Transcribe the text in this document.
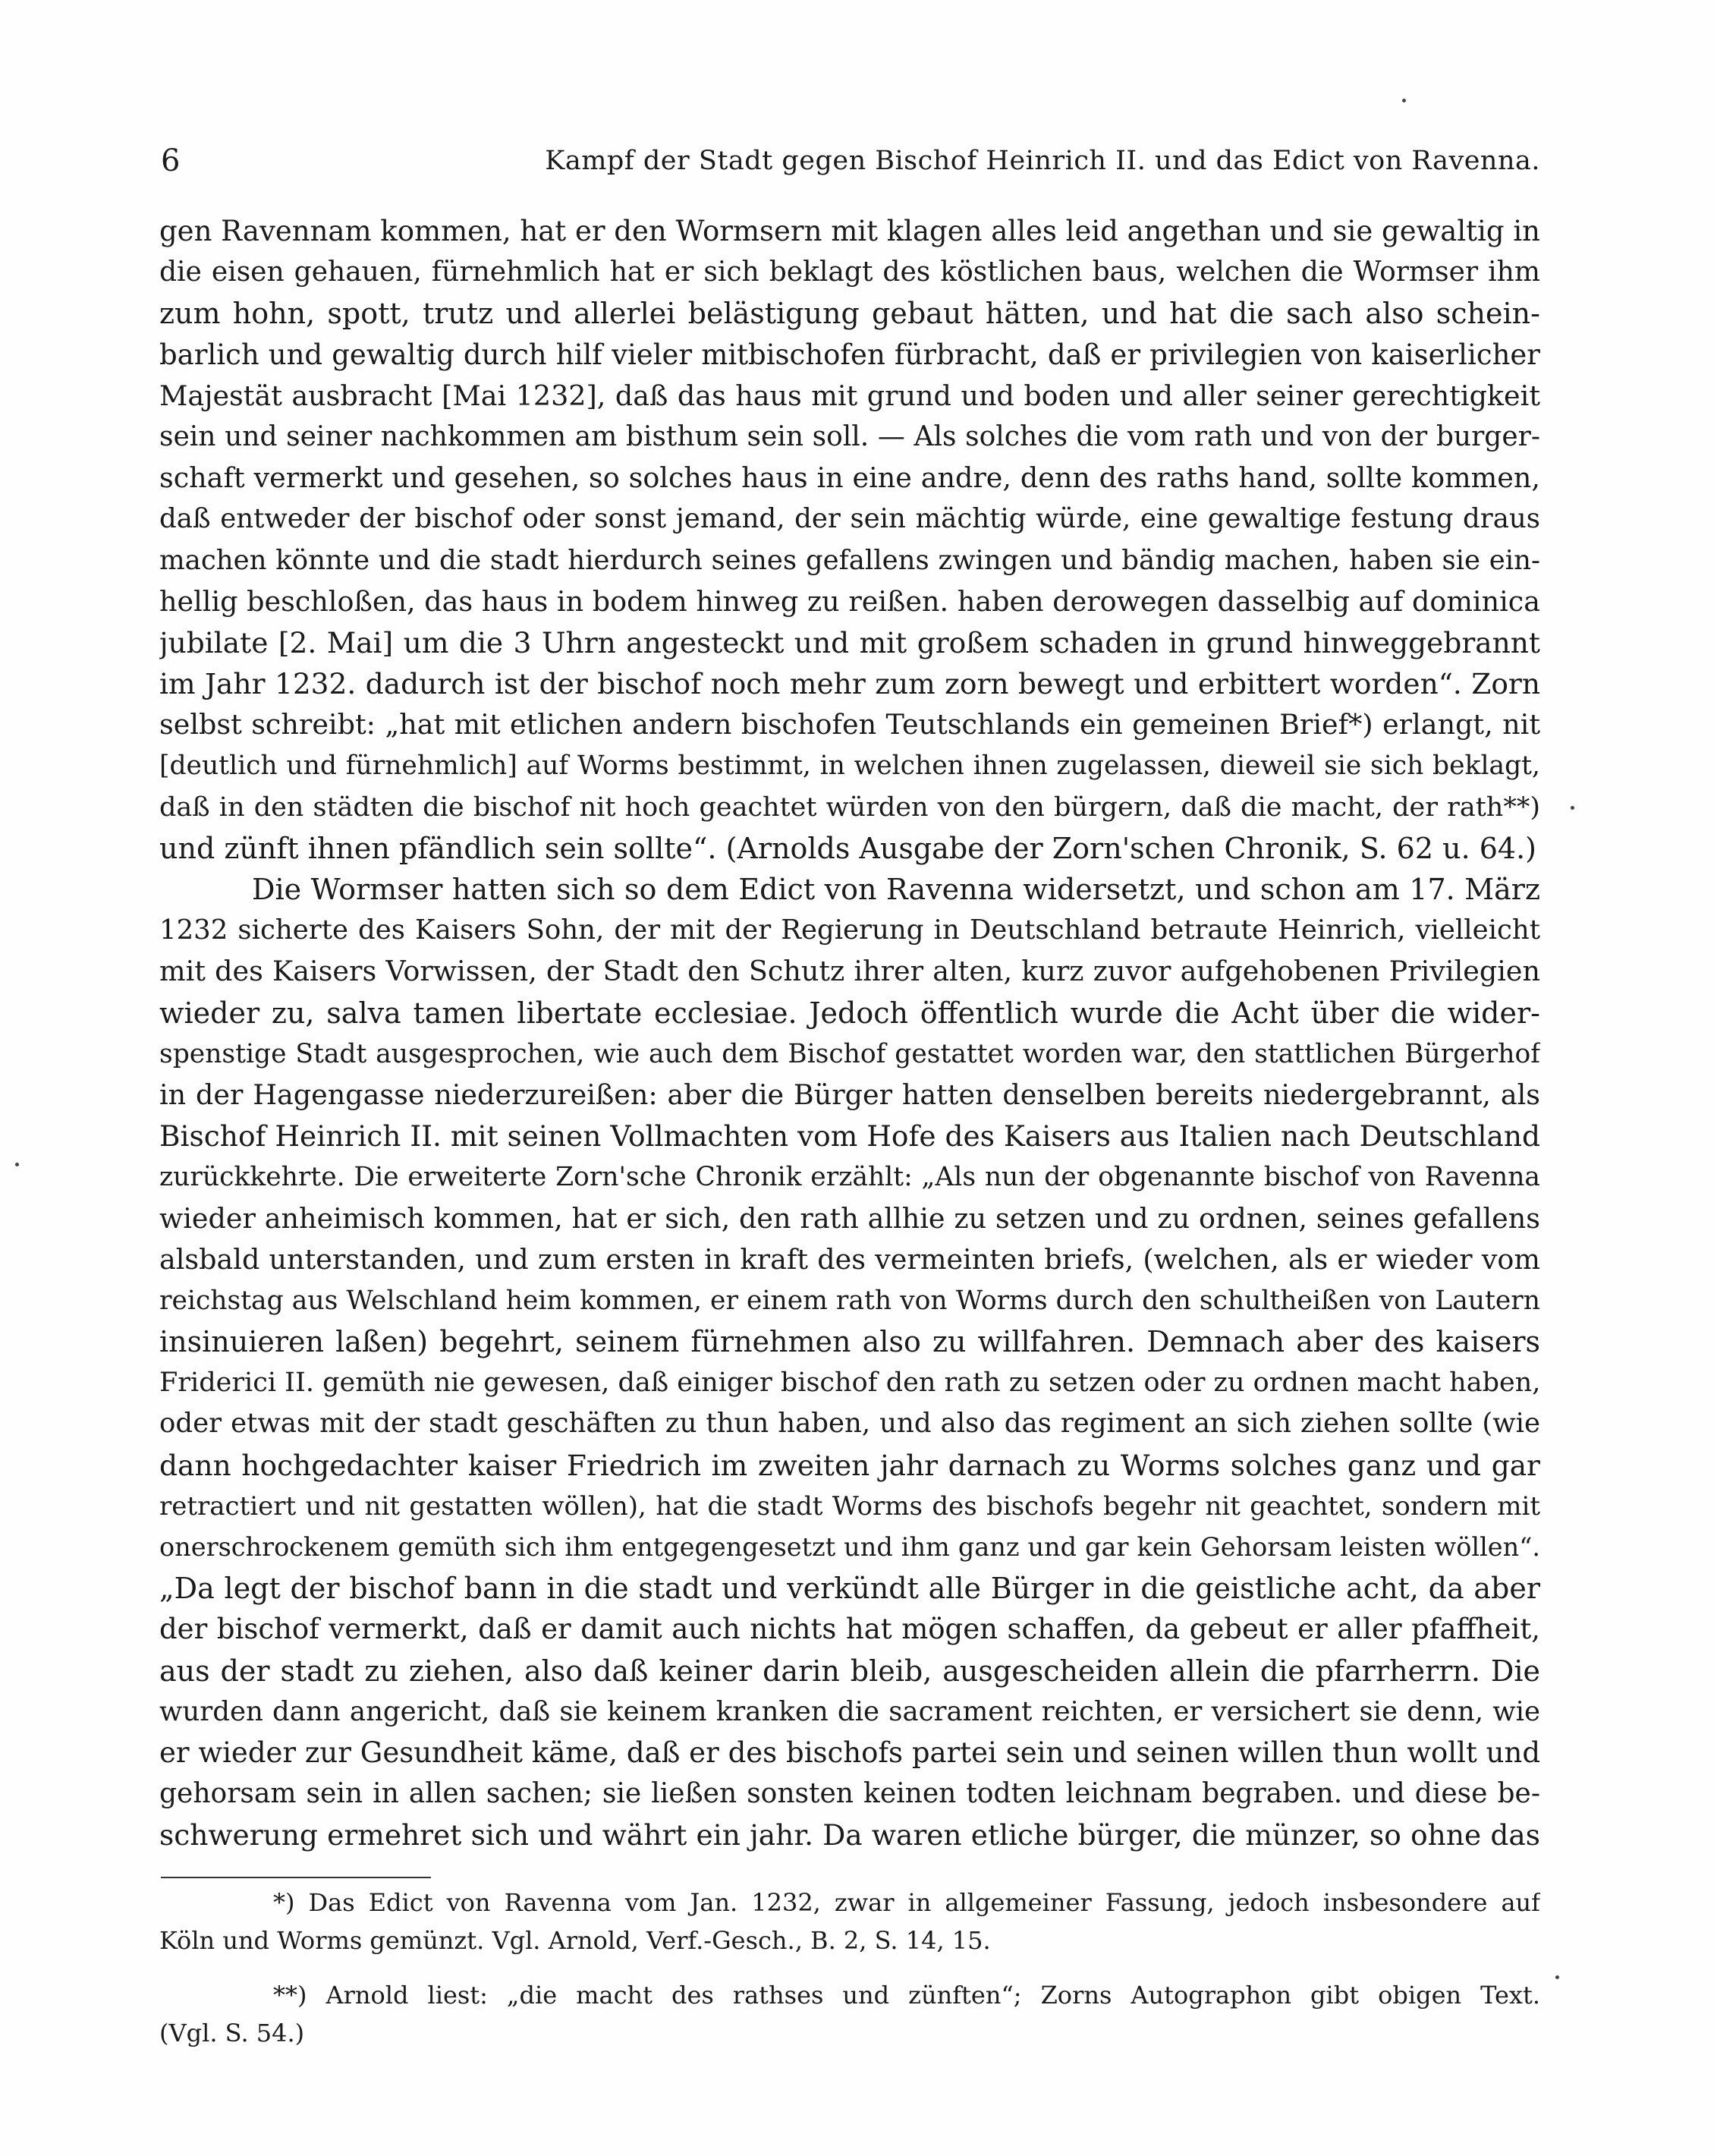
6	Kampf der Stadt gegen Bischof Heinrich II. und das Edict von Ravenna.
gen Ravennam kommen, hat er den Wormsern mit klagen alles leid angethan und sie gewaltig in
die eisen gehauen, fürnehmlich hat er sich beklagt des köstlichen baus, welchen die Wormser ihm
zum hohn, spott, trutz und allerlei belästigung gebaut hätten, und hat die sach also schein-
barlich und gewaltig durch hilf vieler mitbischofen fürbracht, daß er privilegien von kaiserlicher
Majestät ausbracht [Mai 1232], daß das haus mit grund und boden und aller seiner gerechtigkeit
sein und seiner nachkommen am bisthum sein soll. — Als solches die vom rath und von der burger-
schaft vermerkt und gesehen, so solches haus in eine andre, denn des raths hand, sollte kommen,
daß entweder der bischof oder sonst jemand, der sein mächtig würde, eine gewaltige festung draus
machen könnte und die stadt hierdurch seines gefallens zwingen und bändig machen, haben sie ein-
hellig beschloßen, das haus in bodem hinweg zu reißen. haben derowegen dasselbig auf dominica
jubilate [2. Mai] um die 3 Uhrn angesteckt und mit großem schaden in grund hinweggebrannt
im Jahr 1232. dadurch ist der bischof noch mehr zum zorn bewegt und erbittert worden“. Zorn
selbst schreibt: „hat mit etlichen andern bischofen Teutschlands ein gemeinen Brief*) erlangt, nit
[deutlich und fürnehmlich] auf Worms bestimmt, in welchen ihnen zugelassen, dieweil sie sich beklagt,
daß in den städten die bischof nit hoch geachtet würden von den bürgern, daß die macht, der rath**)
und zünft ihnen pfändlich sein sollte“. (Arnolds Ausgabe der Zorn'schen Chronik, S. 62 u. 64.)
Die Wormser hatten sich so dem Edict von Ravenna widersetzt, und schon am 17. März
1232 sicherte des Kaisers Sohn, der mit der Regierung in Deutschland betraute Heinrich, vielleicht
mit des Kaisers Vorwissen, der Stadt den Schutz ihrer alten, kurz zuvor aufgehobenen Privilegien
wieder zu, salva tamen libertate ecclesiae. Jedoch öffentlich wurde die Acht über die wider-
spenstige Stadt ausgesprochen, wie auch dem Bischof gestattet worden war, den stattlichen Bürgerhof
in der Hagengasse niederzureißen: aber die Bürger hatten denselben bereits niedergebrannt, als
Bischof Heinrich II. mit seinen Vollmachten vom Hofe des Kaisers aus Italien nach Deutschland
zurückkehrte. Die erweiterte Zorn'sche Chronik erzählt: „Als nun der obgenannte bischof von Ravenna
wieder anheimisch kommen, hat er sich, den rath allhie zu setzen und zu ordnen, seines gefallens
alsbald unterstanden, und zum ersten in kraft des vermeinten briefs, (welchen, als er wieder vom
reichstag aus Welschland heim kommen, er einem rath von Worms durch den schultheißen von Lautern
insinuieren laßen) begehrt, seinem fürnehmen also zu willfahren. Demnach aber des kaisers
Friderici II. gemüth nie gewesen, daß einiger bischof den rath zu setzen oder zu ordnen macht haben,
oder etwas mit der stadt geschäften zu thun haben, und also das regiment an sich ziehen sollte (wie
dann hochgedachter kaiser Friedrich im zweiten jahr darnach zu Worms solches ganz und gar
retractiert und nit gestatten wöllen), hat die stadt Worms des bischofs begehr nit geachtet, sondern mit
onerschrockenem gemüth sich ihm entgegengesetzt und ihm ganz und gar kein Gehorsam leisten wöllen“.
„Da legt der bischof bann in die stadt und verkündt alle Bürger in die geistliche acht, da aber
der bischof vermerkt, daß er damit auch nichts hat mögen schaffen, da gebeut er aller pfaffheit,
aus der stadt zu ziehen, also daß keiner darin bleib, ausgescheiden allein die pfarrherrn. Die
wurden dann angericht, daß sie keinem kranken die sacrament reichten, er versichert sie denn, wie
er wieder zur Gesundheit käme, daß er des bischofs partei sein und seinen willen thun wollt und
gehorsam sein in allen sachen; sie ließen sonsten keinen todten leichnam begraben. und diese be-
schwerung ermehret sich und währt ein jahr. Da waren etliche bürger, die münzer, so ohne das
*) Das Edict von Ravenna vom Jan. 1232, zwar in allgemeiner Fassung, jedoch insbesondere auf
Köln und Worms gemünzt. Vgl. Arnold, Verf.-Gesch., B. 2, S. 14, 15.
**) Arnold liest: „die macht des rathses und zünften“; Zorns Autographon gibt obigen Text.
(Vgl. S. 54.)
